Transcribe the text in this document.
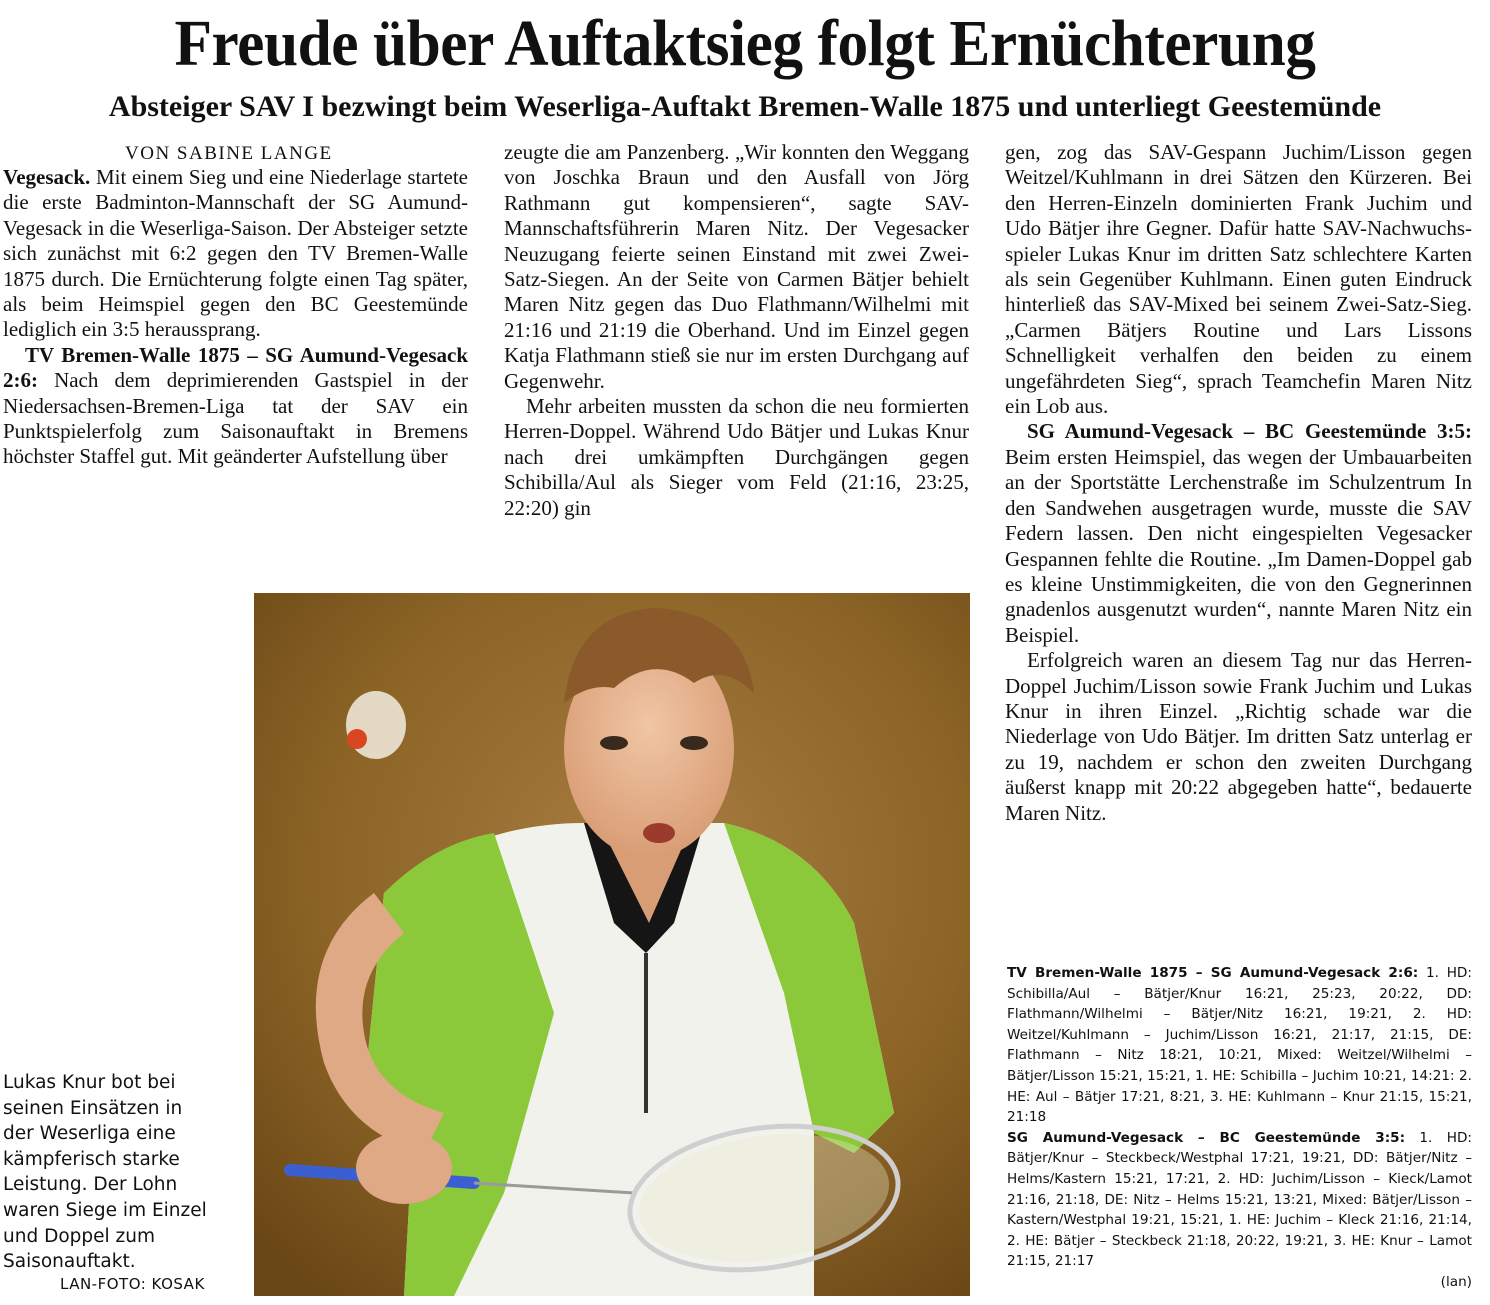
Freude über Auftaktsieg folgt Ernüchterung
Absteiger SAV I bezwingt beim Weserliga-Auftakt Bremen-Walle 1875 und unterliegt Geestemünde
VON SABINE LANGE

Vegesack. Mit einem Sieg und eine Niederlage startete die erste Badminton-Mannschaft der SG Aumund-Vegesack in die Weserliga-Saison. Der Absteiger setzte sich zunächst mit 6:2 gegen den TV Bremen-Walle 1875 durch. Die Ernüchterung folgte einen Tag später, als beim Heimspiel gegen den BC Geestemünde lediglich ein 3:5 heraussprang.

TV Bremen-Walle 1875 – SG Aumund-Vegesack 2:6: Nach dem deprimierenden Gastspiel in der Niedersachsen-Bremen-Liga tat der SAV ein Punktspielerfolg zum Saisonauftakt in Bremens höchster Staffel gut. Mit geänderter Aufstellung über

zeugte die am Panzenberg. „Wir konnten den Weggang von Joschka Braun und den Ausfall von Jörg Rathmann gut kompensieren“, sagte SAV-Mannschaftsführerin Maren Nitz. Der Vegesacker Neuzugang feierte seinen Einstand mit zwei Zwei-Satz-Siegen. An der Seite von Carmen Bätjer behielt Maren Nitz gegen das Duo Flathmann/Wilhelmi mit 21:16 und 21:19 die Oberhand. Und im Einzel gegen Katja Flathmann stieß sie nur im ersten Durchgang auf Gegenwehr.

Mehr arbeiten mussten da schon die neu formierten Herren-Doppel. Während Udo Bätjer und Lukas Knur nach drei umkämpften Durchgängen gegen Schibilla/Aul als Sieger vom Feld (21:16, 23:25, 22:20) gin

gen, zog das SAV-Gespann Juchim/Lisson gegen Weitzel/Kuhlmann in drei Sätzen den Kürzeren. Bei den Herren-Einzeln dominierten Frank Juchim und Udo Bätjer ihre Gegner. Dafür hatte SAV-Nachwuchsspieler Lukas Knur im dritten Satz schlechtere Karten als sein Gegenüber Kuhlmann. Einen guten Eindruck hinterließ das SAV-Mixed bei seinem Zwei-Satz-Sieg. „Carmen Bätjers Routine und Lars Lissons Schnelligkeit verhalfen den beiden zu einem ungefährdeten Sieg“, sprach Teamchefin Maren Nitz ein Lob aus.

SG Aumund-Vegesack – BC Geestemünde 3:5: Beim ersten Heimspiel, das wegen der Umbauarbeiten an der Sportstätte Lerchenstraße im Schulzentrum In den Sandwehen ausgetragen wurde, musste die SAV Federn lassen. Den nicht eingespielten Vegesacker Gespannen fehlte die Routine. „Im Damen-Doppel gab es kleine Unstimmigkeiten, die von den Gegnerinnen gnadenlos ausgenutzt wurden“, nannte Maren Nitz ein Beispiel.

Erfolgreich waren an diesem Tag nur das Herren-Doppel Juchim/Lisson sowie Frank Juchim und Lukas Knur in ihren Einzel. „Richtig schade war die Niederlage von Udo Bätjer. Im dritten Satz unterlag er zu 19, nachdem er schon den zweiten Durchgang äußerst knapp mit 20:22 abgegeben hatte“, bedauerte Maren Nitz.

TV Bremen-Walle 1875 – SG Aumund-Vegesack 2:6: 1. HD: Schibilla/Aul – Bätjer/Knur 16:21, 25:23, 20:22, DD: Flathmann/Wilhelmi – Bätjer/Nitz 16:21, 19:21, 2. HD: Weitzel/Kuhlmann – Juchim/Lisson 16:21, 21:17, 21:15, DE: Flathmann – Nitz 18:21, 10:21, Mixed: Weitzel/Wilhelmi – Bätjer/Lisson 15:21, 15:21, 1. HE: Schibilla – Juchim 10:21, 14:21: 2. HE: Aul – Bätjer 17:21, 8:21, 3. HE: Kuhlmann – Knur 21:15, 15:21, 21:18

SG Aumund-Vegesack – BC Geestemünde 3:5: 1. HD: Bätjer/Knur – Steckbeck/Westphal 17:21, 19:21, DD: Bätjer/Nitz – Helms/Kastern 15:21, 17:21, 2. HD: Juchim/Lisson – Kieck/Lamot 21:16, 21:18, DE: Nitz – Helms 15:21, 13:21, Mixed: Bätjer/Lisson – Kastern/Westphal 19:21, 15:21, 1. HE: Juchim – Kleck 21:16, 21:14, 2. HE: Bätjer – Steckbeck 21:18, 20:22, 19:21, 3. HE: Knur – Lamot 21:15, 21:17
(lan)

Lukas Knur bot bei seinen Einsätzen in der Weserliga eine kämpferisch starke Leistung. Der Lohn waren Siege im Einzel und Doppel zum Saisonauftakt.
LAN-FOTO: KOSAK
